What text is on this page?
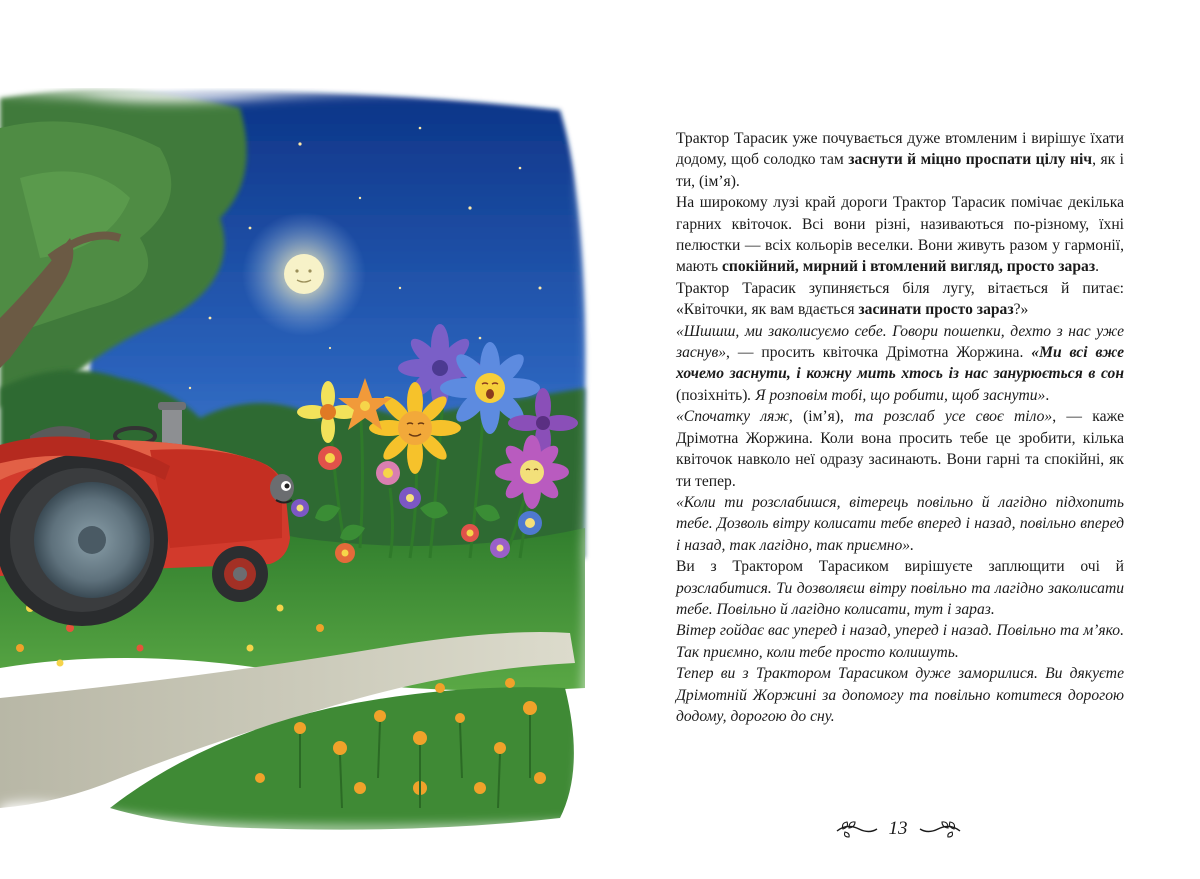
Трактор Тарасик уже почувається дуже втомленим і вирішує їхати додому, щоб солодко там заснути й міцно проспати цілу ніч, як і ти, (ім’я).

На широкому лузі край дороги Трактор Тарасик помічає декілька гарних квіточок. Всі вони різні, називаються по-різному, їхні пелюстки — всіх кольорів веселки. Вони живуть разом у гармонії, мають спокійний, мирний і втомлений вигляд, просто зараз.

Трактор Тарасик зупиняється біля лугу, вітається й питає: «Квіточки, як вам вдається засинати просто зараз?»

«Шшшш, ми заколисуємо себе. Говори пошепки, дехто з нас уже заснув», — просить квіточка Дрімотна Жоржина. «Ми всі вже хочемо заснути, і кожну мить хтось із нас занурюється в сон (позіхніть). Я розповім тобі, що робити, щоб заснути».

«Спочатку ляж, (ім’я), та розслаб усе своє тіло», — каже Дрімотна Жоржина. Коли вона просить тебе це зробити, кілька квіточок навколо неї одразу засинають. Вони гарні та спокійні, як ти тепер.

«Коли ти розслабишся, вітерець повільно й лагідно підхопить тебе. Дозволь вітру колисати тебе вперед і назад, повільно вперед і назад, так лагідно, так приємно».

Ви з Трактором Тарасиком вирішуєте заплющити очі й розслабитися. Ти дозволяєш вітру повільно та лагідно заколисати тебе. Повільно й лагідно колисати, тут і зараз.

Вітер гойдає вас уперед і назад, уперед і назад. Повільно та м’яко. Так приємно, коли тебе просто колишуть.

Тепер ви з Трактором Тарасиком дуже заморилися. Ви дякуєте Дрімотній Жоржині за допомогу та повільно котитеся дорогою додому, дорогою до сну.

13
